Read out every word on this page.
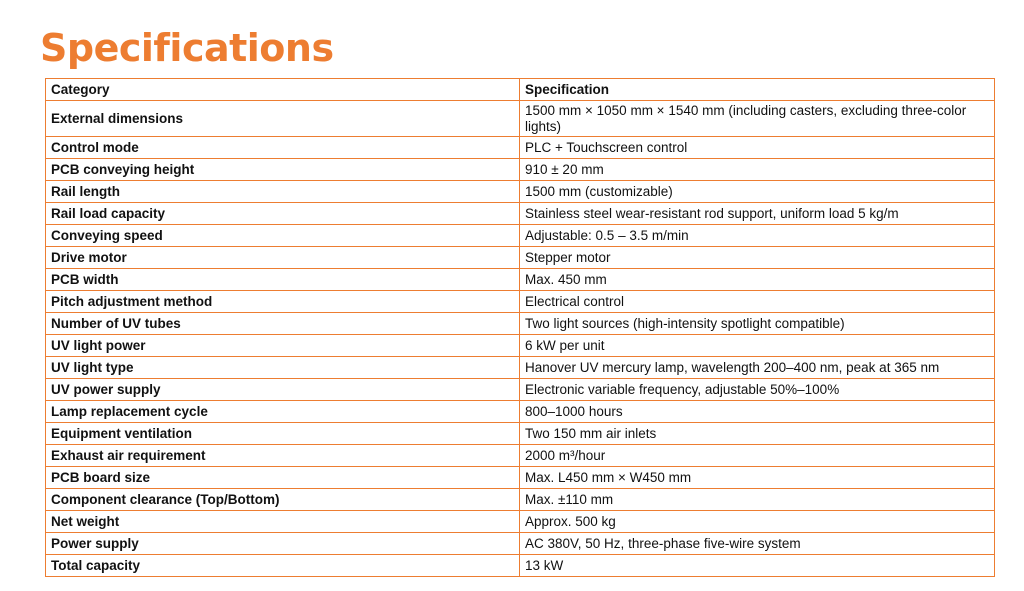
Specifications
Category	Specification
External dimensions	1500 mm × 1050 mm × 1540 mm (including casters, excluding three-color lights)
Control mode	PLC + Touchscreen control
PCB conveying height	910 ± 20 mm
Rail length	1500 mm (customizable)
Rail load capacity	Stainless steel wear-resistant rod support, uniform load 5 kg/m
Conveying speed	Adjustable: 0.5 – 3.5 m/min
Drive motor	Stepper motor
PCB width	Max. 450 mm
Pitch adjustment method	Electrical control
Number of UV tubes	Two light sources (high-intensity spotlight compatible)
UV light power	6 kW per unit
UV light type	Hanover UV mercury lamp, wavelength 200–400 nm, peak at 365 nm
UV power supply	Electronic variable frequency, adjustable 50%–100%
Lamp replacement cycle	800–1000 hours
Equipment ventilation	Two 150 mm air inlets
Exhaust air requirement	2000 m³/hour
PCB board size	Max. L450 mm × W450 mm
Component clearance (Top/Bottom)	Max. ±110 mm
Net weight	Approx. 500 kg
Power supply	AC 380V, 50 Hz, three-phase five-wire system
Total capacity	13 kW
